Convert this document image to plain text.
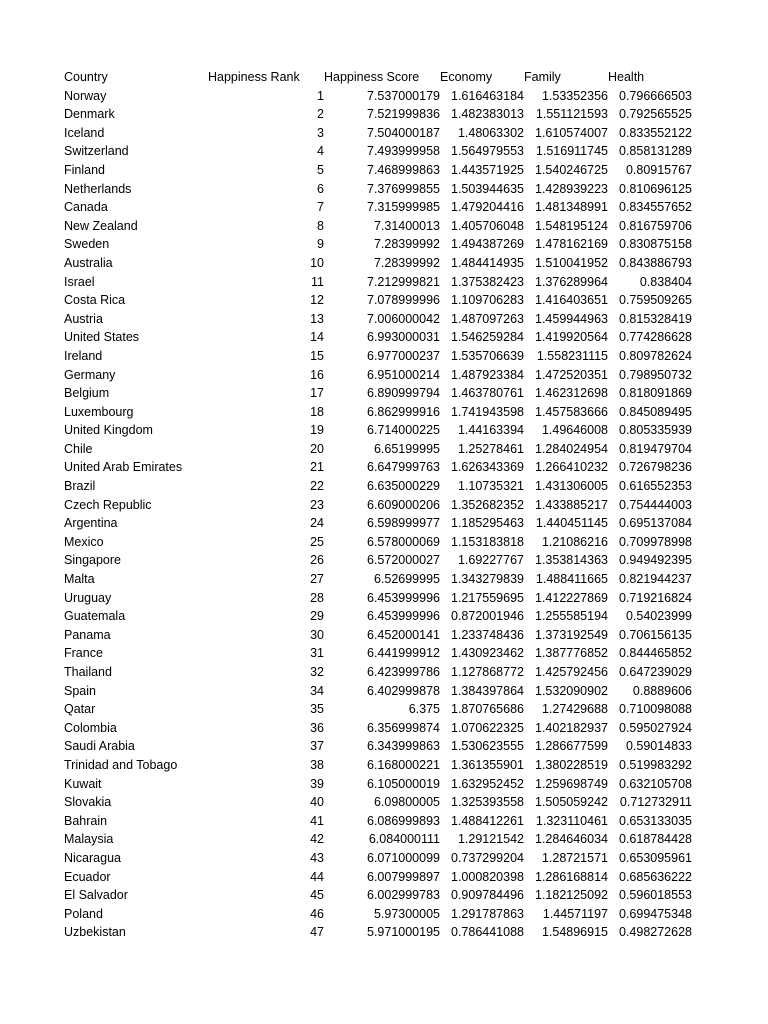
Country	Happiness Rank	Happiness Score	Economy	Family	Health
Norway	1	7.537000179	1.616463184	1.53352356	0.796666503
Denmark	2	7.521999836	1.482383013	1.551121593	0.792565525
Iceland	3	7.504000187	1.48063302	1.610574007	0.833552122
Switzerland	4	7.493999958	1.564979553	1.516911745	0.858131289
Finland	5	7.468999863	1.443571925	1.540246725	0.80915767
Netherlands	6	7.376999855	1.503944635	1.428939223	0.810696125
Canada	7	7.315999985	1.479204416	1.481348991	0.834557652
New Zealand	8	7.31400013	1.405706048	1.548195124	0.816759706
Sweden	9	7.28399992	1.494387269	1.478162169	0.830875158
Australia	10	7.28399992	1.484414935	1.510041952	0.843886793
Israel	11	7.212999821	1.375382423	1.376289964	0.838404
Costa Rica	12	7.078999996	1.109706283	1.416403651	0.759509265
Austria	13	7.006000042	1.487097263	1.459944963	0.815328419
United States	14	6.993000031	1.546259284	1.419920564	0.774286628
Ireland	15	6.977000237	1.535706639	1.558231115	0.809782624
Germany	16	6.951000214	1.487923384	1.472520351	0.798950732
Belgium	17	6.890999794	1.463780761	1.462312698	0.818091869
Luxembourg	18	6.862999916	1.741943598	1.457583666	0.845089495
United Kingdom	19	6.714000225	1.44163394	1.49646008	0.805335939
Chile	20	6.65199995	1.25278461	1.284024954	0.819479704
United Arab Emirates	21	6.647999763	1.626343369	1.266410232	0.726798236
Brazil	22	6.635000229	1.10735321	1.431306005	0.616552353
Czech Republic	23	6.609000206	1.352682352	1.433885217	0.754444003
Argentina	24	6.598999977	1.185295463	1.440451145	0.695137084
Mexico	25	6.578000069	1.153183818	1.21086216	0.709978998
Singapore	26	6.572000027	1.69227767	1.353814363	0.949492395
Malta	27	6.52699995	1.343279839	1.488411665	0.821944237
Uruguay	28	6.453999996	1.217559695	1.412227869	0.719216824
Guatemala	29	6.453999996	0.872001946	1.255585194	0.54023999
Panama	30	6.452000141	1.233748436	1.373192549	0.706156135
France	31	6.441999912	1.430923462	1.387776852	0.844465852
Thailand	32	6.423999786	1.127868772	1.425792456	0.647239029
Spain	34	6.402999878	1.384397864	1.532090902	0.8889606
Qatar	35	6.375	1.870765686	1.27429688	0.710098088
Colombia	36	6.356999874	1.070622325	1.402182937	0.595027924
Saudi Arabia	37	6.343999863	1.530623555	1.286677599	0.59014833
Trinidad and Tobago	38	6.168000221	1.361355901	1.380228519	0.519983292
Kuwait	39	6.105000019	1.632952452	1.259698749	0.632105708
Slovakia	40	6.09800005	1.325393558	1.505059242	0.712732911
Bahrain	41	6.086999893	1.488412261	1.323110461	0.653133035
Malaysia	42	6.084000111	1.29121542	1.284646034	0.618784428
Nicaragua	43	6.071000099	0.737299204	1.28721571	0.653095961
Ecuador	44	6.007999897	1.000820398	1.286168814	0.685636222
El Salvador	45	6.002999783	0.909784496	1.182125092	0.596018553
Poland	46	5.97300005	1.291787863	1.44571197	0.699475348
Uzbekistan	47	5.971000195	0.786441088	1.54896915	0.498272628
